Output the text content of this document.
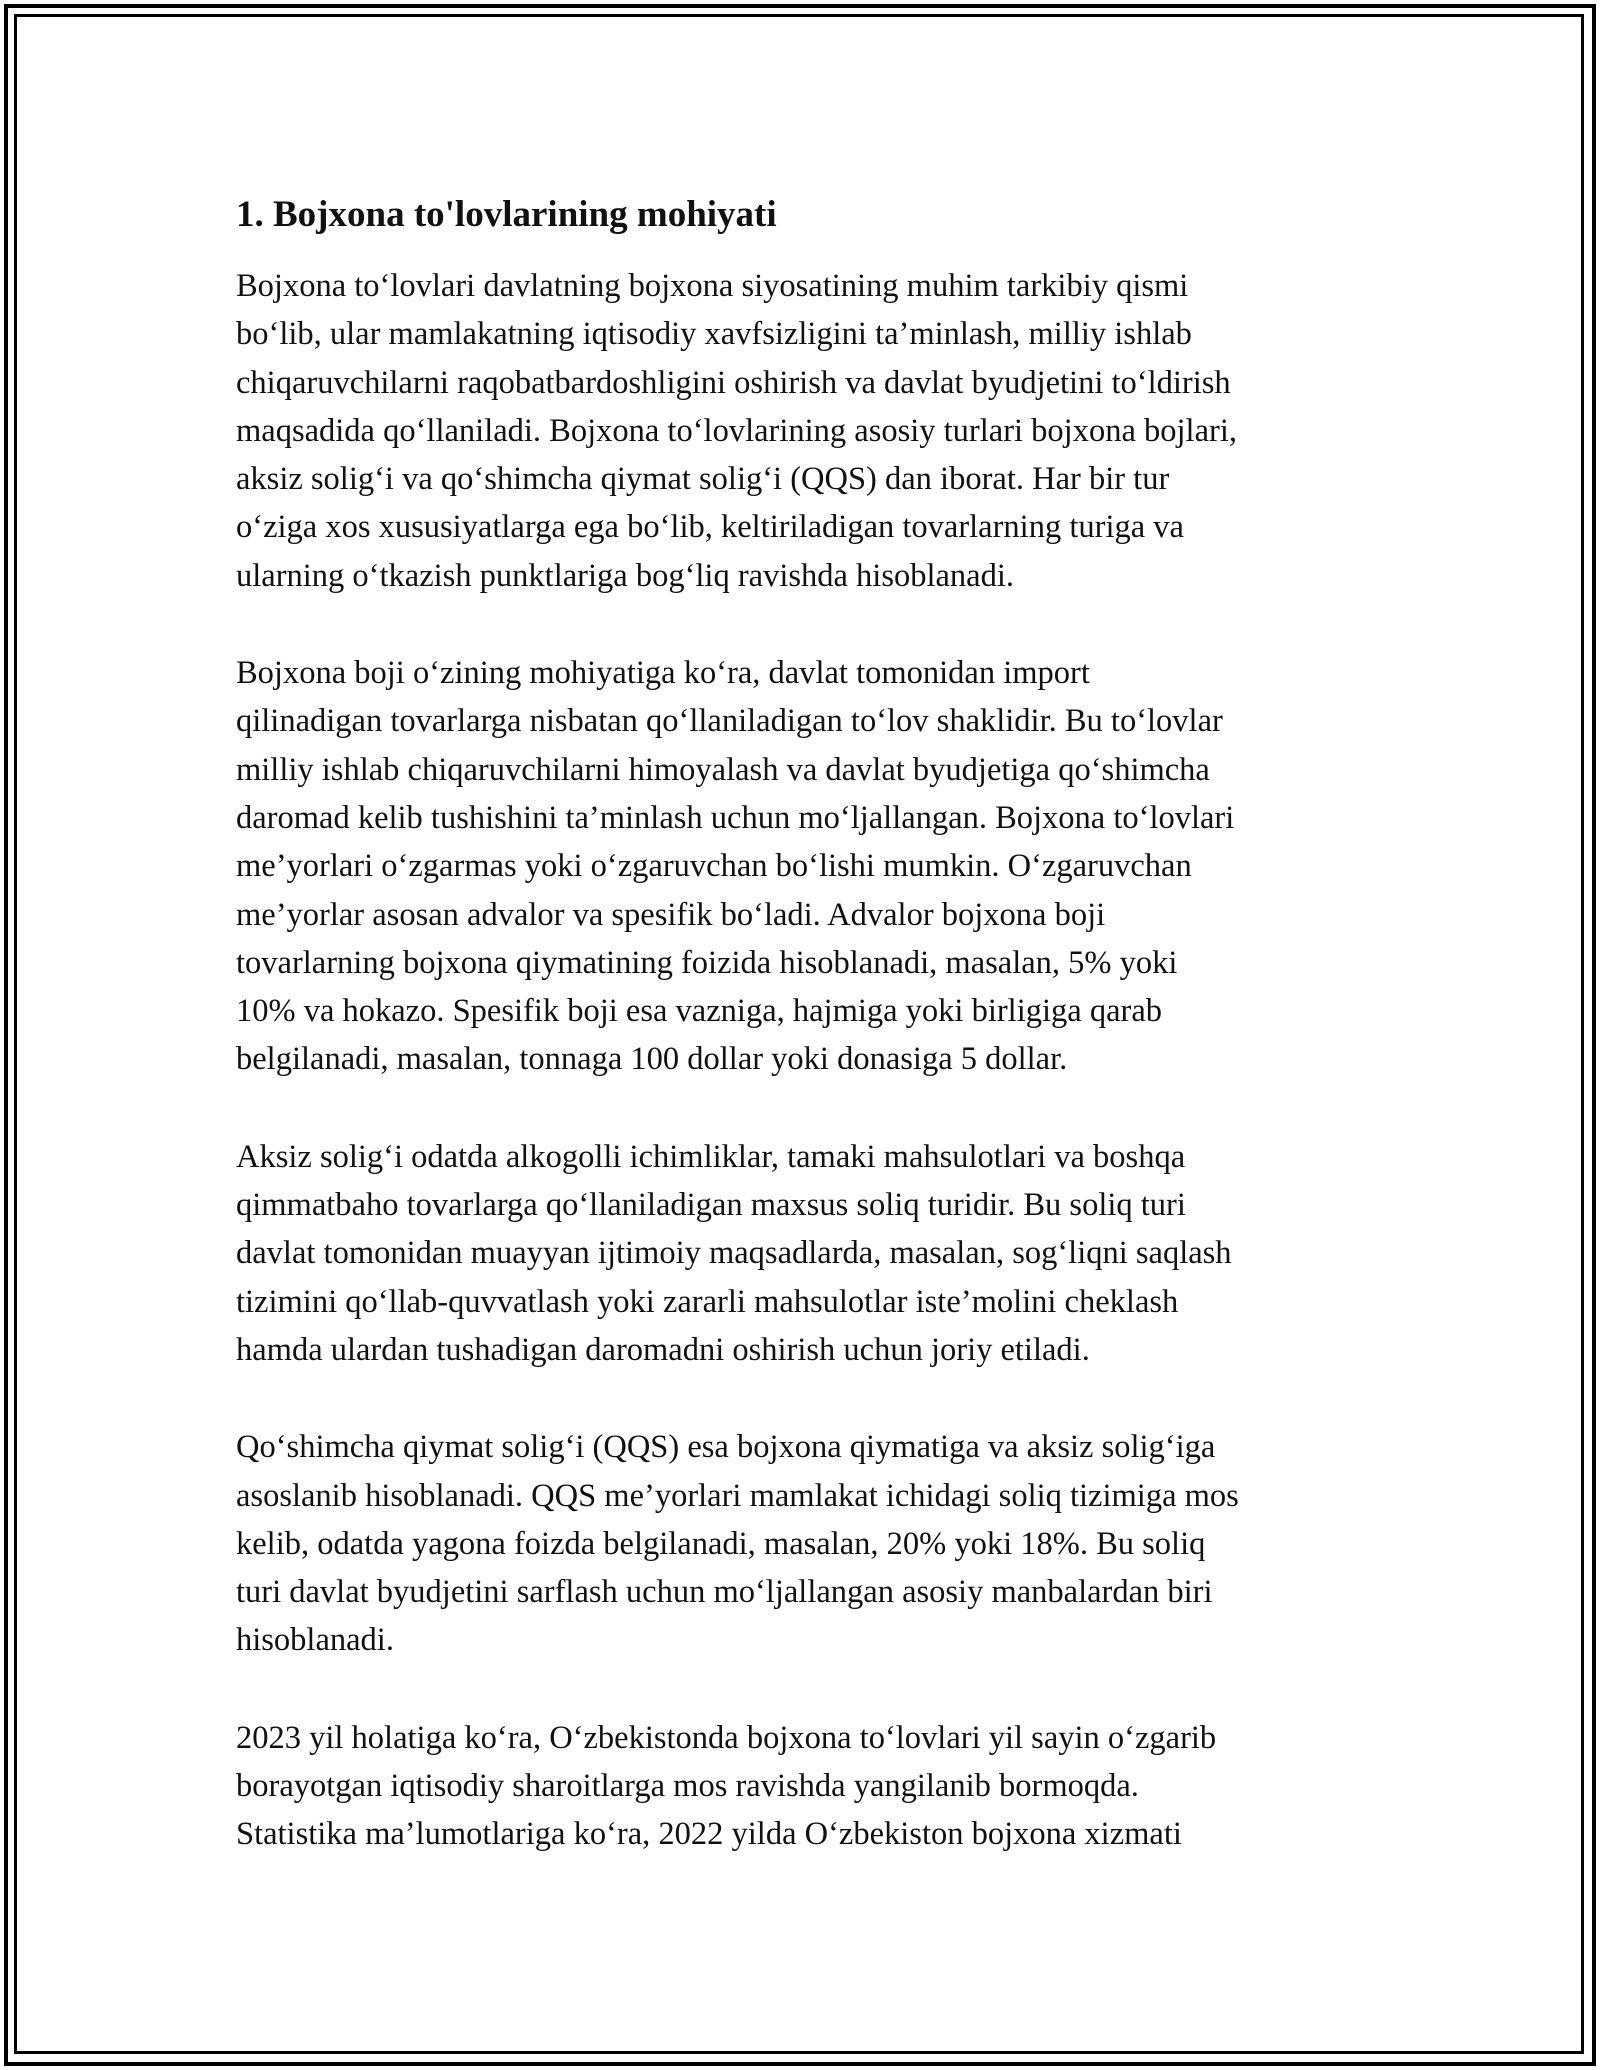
1. Bojxona to'lovlarining mohiyati
Bojxona to‘lovlari davlatning bojxona siyosatining muhim tarkibiy qismi
bo‘lib, ular mamlakatning iqtisodiy xavfsizligini ta’minlash, milliy ishlab
chiqaruvchilarni raqobatbardoshligini oshirish va davlat byudjetini to‘ldirish
maqsadida qo‘llaniladi. Bojxona to‘lovlarining asosiy turlari bojxona bojlari,
aksiz solig‘i va qo‘shimcha qiymat solig‘i (QQS) dan iborat. Har bir tur
o‘ziga xos xususiyatlarga ega bo‘lib, keltiriladigan tovarlarning turiga va
ularning o‘tkazish punktlariga bog‘liq ravishda hisoblanadi.
Bojxona boji o‘zining mohiyatiga ko‘ra, davlat tomonidan import
qilinadigan tovarlarga nisbatan qo‘llaniladigan to‘lov shaklidir. Bu to‘lovlar
milliy ishlab chiqaruvchilarni himoyalash va davlat byudjetiga qo‘shimcha
daromad kelib tushishini ta’minlash uchun mo‘ljallangan. Bojxona to‘lovlari
me’yorlari o‘zgarmas yoki o‘zgaruvchan bo‘lishi mumkin. O‘zgaruvchan
me’yorlar asosan advalor va spesifik bo‘ladi. Advalor bojxona boji
tovarlarning bojxona qiymatining foizida hisoblanadi, masalan, 5% yoki
10% va hokazo. Spesifik boji esa vazniga, hajmiga yoki birligiga qarab
belgilanadi, masalan, tonnaga 100 dollar yoki donasiga 5 dollar.
Aksiz solig‘i odatda alkogolli ichimliklar, tamaki mahsulotlari va boshqa
qimmatbaho tovarlarga qo‘llaniladigan maxsus soliq turidir. Bu soliq turi
davlat tomonidan muayyan ijtimoiy maqsadlarda, masalan, sog‘liqni saqlash
tizimini qo‘llab-quvvatlash yoki zararli mahsulotlar iste’molini cheklash
hamda ulardan tushadigan daromadni oshirish uchun joriy etiladi.
Qo‘shimcha qiymat solig‘i (QQS) esa bojxona qiymatiga va aksiz solig‘iga
asoslanib hisoblanadi. QQS me’yorlari mamlakat ichidagi soliq tizimiga mos
kelib, odatda yagona foizda belgilanadi, masalan, 20% yoki 18%. Bu soliq
turi davlat byudjetini sarflash uchun mo‘ljallangan asosiy manbalardan biri
hisoblanadi.
2023 yil holatiga ko‘ra, O‘zbekistonda bojxona to‘lovlari yil sayin o‘zgarib
borayotgan iqtisodiy sharoitlarga mos ravishda yangilanib bormoqda.
Statistika ma’lumotlariga ko‘ra, 2022 yilda O‘zbekiston bojxona xizmati
